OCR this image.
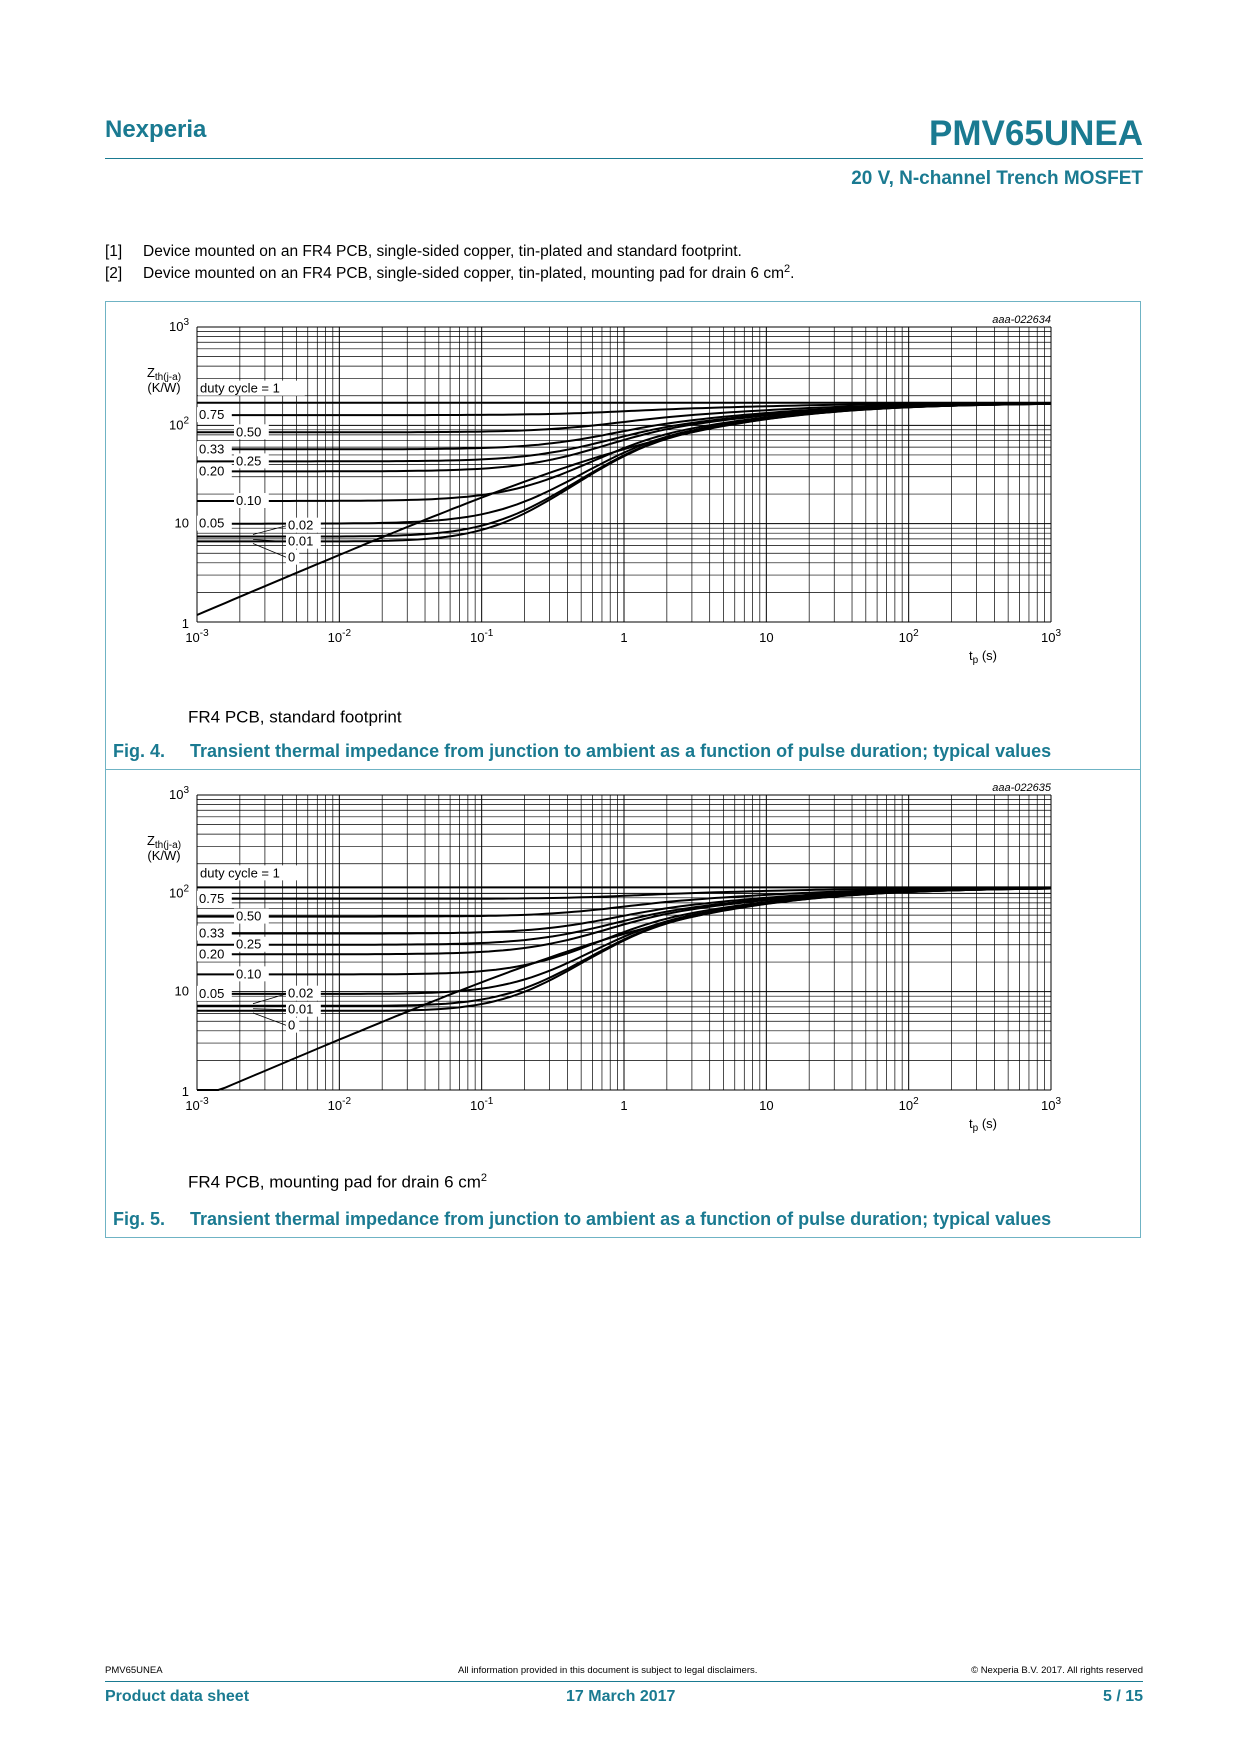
Nexperia	PMV65UNEA
20 V, N-channel Trench MOSFET
[1] Device mounted on an FR4 PCB, single-sided copper, tin-plated and standard footprint.
[2] Device mounted on an FR4 PCB, single-sided copper, tin-plated, mounting pad for drain 6 $cm^2$.
aaa-022634
$10^{-3}$	$10^{-2}$	$10^{-1}$	1	10	$10^2$	$10^3$
1
10
$10^2$
$10^3$
$Z_{th(j-a)}$
(K/W)
$t_p$ (s)
duty cycle = 1
0.75
0.50
0.33
0.25
0.20
0.10
0.05	0.02
0.01
0
FR4 PCB, standard footprint
Fig. 4. Transient thermal impedance from junction to ambient as a function of pulse duration; typical values
aaa-022635
$10^{-3}$	$10^{-2}$	$10^{-1}$	1	10	$10^2$	$10^3$
1
10
$10^2$
$10^3$
$Z_{th(j-a)}$
(K/W)
$t_p$ (s)
duty cycle = 1
0.75
0.50
0.33
0.25
0.20
0.10
0.05	0.02
0.01
0
FR4 PCB, mounting pad for drain 6 $cm^2$
Fig. 5. Transient thermal impedance from junction to ambient as a function of pulse duration; typical values
PMV65UNEA	All information provided in this document is subject to legal disclaimers.	© Nexperia B.V. 2017. All rights reserved
Product data sheet	17 March 2017	5 / 15
